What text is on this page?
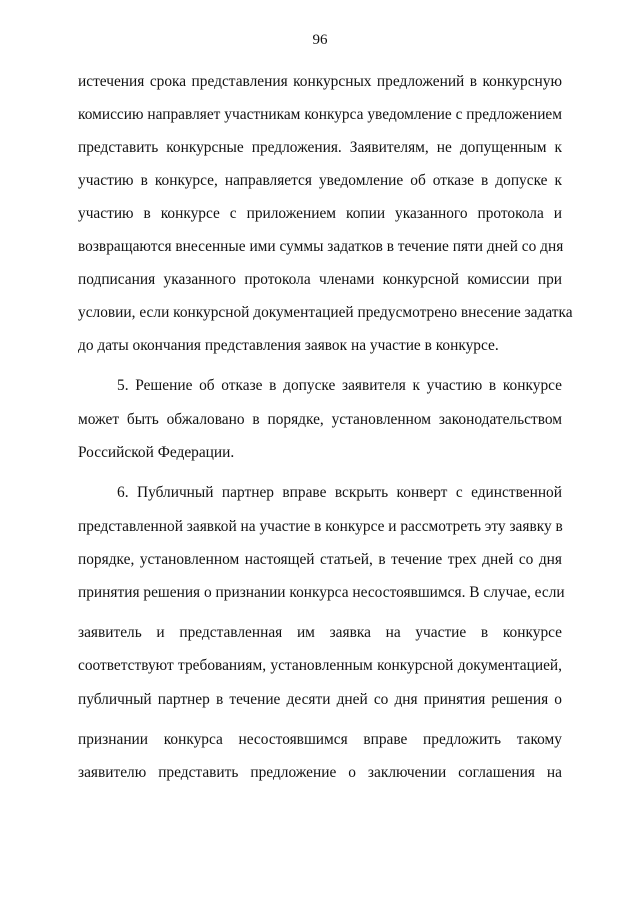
96
истечения срока представления конкурсных предложений в конкурсную
комиссию направляет участникам конкурса уведомление с предложением
представить конкурсные предложения. Заявителям, не допущенным к
участию в конкурсе, направляется уведомление об отказе в допуске к
участию в конкурсе с приложением копии указанного протокола и
возвращаются внесенные ими суммы задатков в течение пяти дней со дня
подписания указанного протокола членами конкурсной комиссии при
условии, если конкурсной документацией предусмотрено внесение задатка
до даты окончания представления заявок на участие в конкурсе.
5. Решение об отказе в допуске заявителя к участию в конкурсе
может быть обжаловано в порядке, установленном законодательством
Российской Федерации.
6. Публичный партнер вправе вскрыть конверт с единственной
представленной заявкой на участие в конкурсе и рассмотреть эту заявку в
порядке, установленном настоящей статьей, в течение трех дней со дня
принятия решения о признании конкурса несостоявшимся. В случае, если
заявитель и представленная им заявка на участие в конкурсе
соответствуют требованиям, установленным конкурсной документацией,
публичный партнер в течение десяти дней со дня принятия решения о
признании конкурса несостоявшимся вправе предложить такому
заявителю представить предложение о заключении соглашения на
